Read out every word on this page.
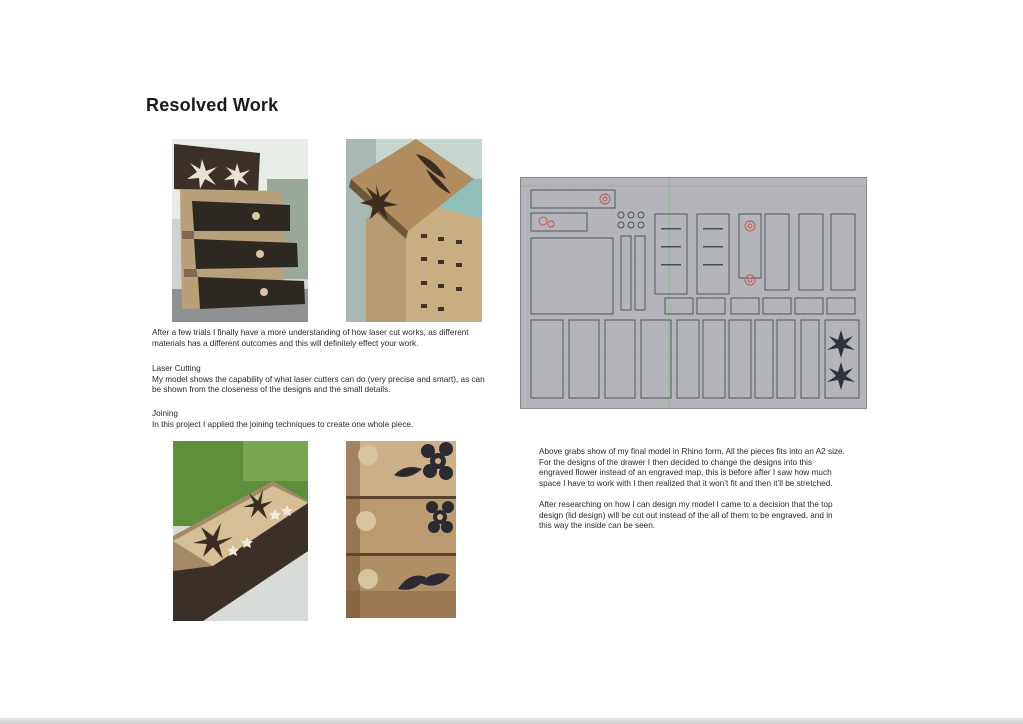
Resolved Work

After a few trials I finally have a more understanding of how laser cut works, as different materials has a different outcomes and this will definitely effect your work.

Laser Cutting
My model shows the capability of what laser cutters can do (very precise and smart), as can be shown from the closeness of the designs and the small details.
Joining
In this project I applied the joining techniques to create one whole piece.

Above grabs show of my final model in Rhino form. All the pieces fits into an A2 size. For the designs of the drawer I then decided to change the designs into this engraved flower instead of an engraved map, this is before after I saw how much space I have to work with I then realized that it won’t fit and then it’ll be stretched.

After researching on how I can design my model I came to a decision that the top design (lid design) will be cut out instead of the all of them to be engraved, and in this way the inside can be seen.
